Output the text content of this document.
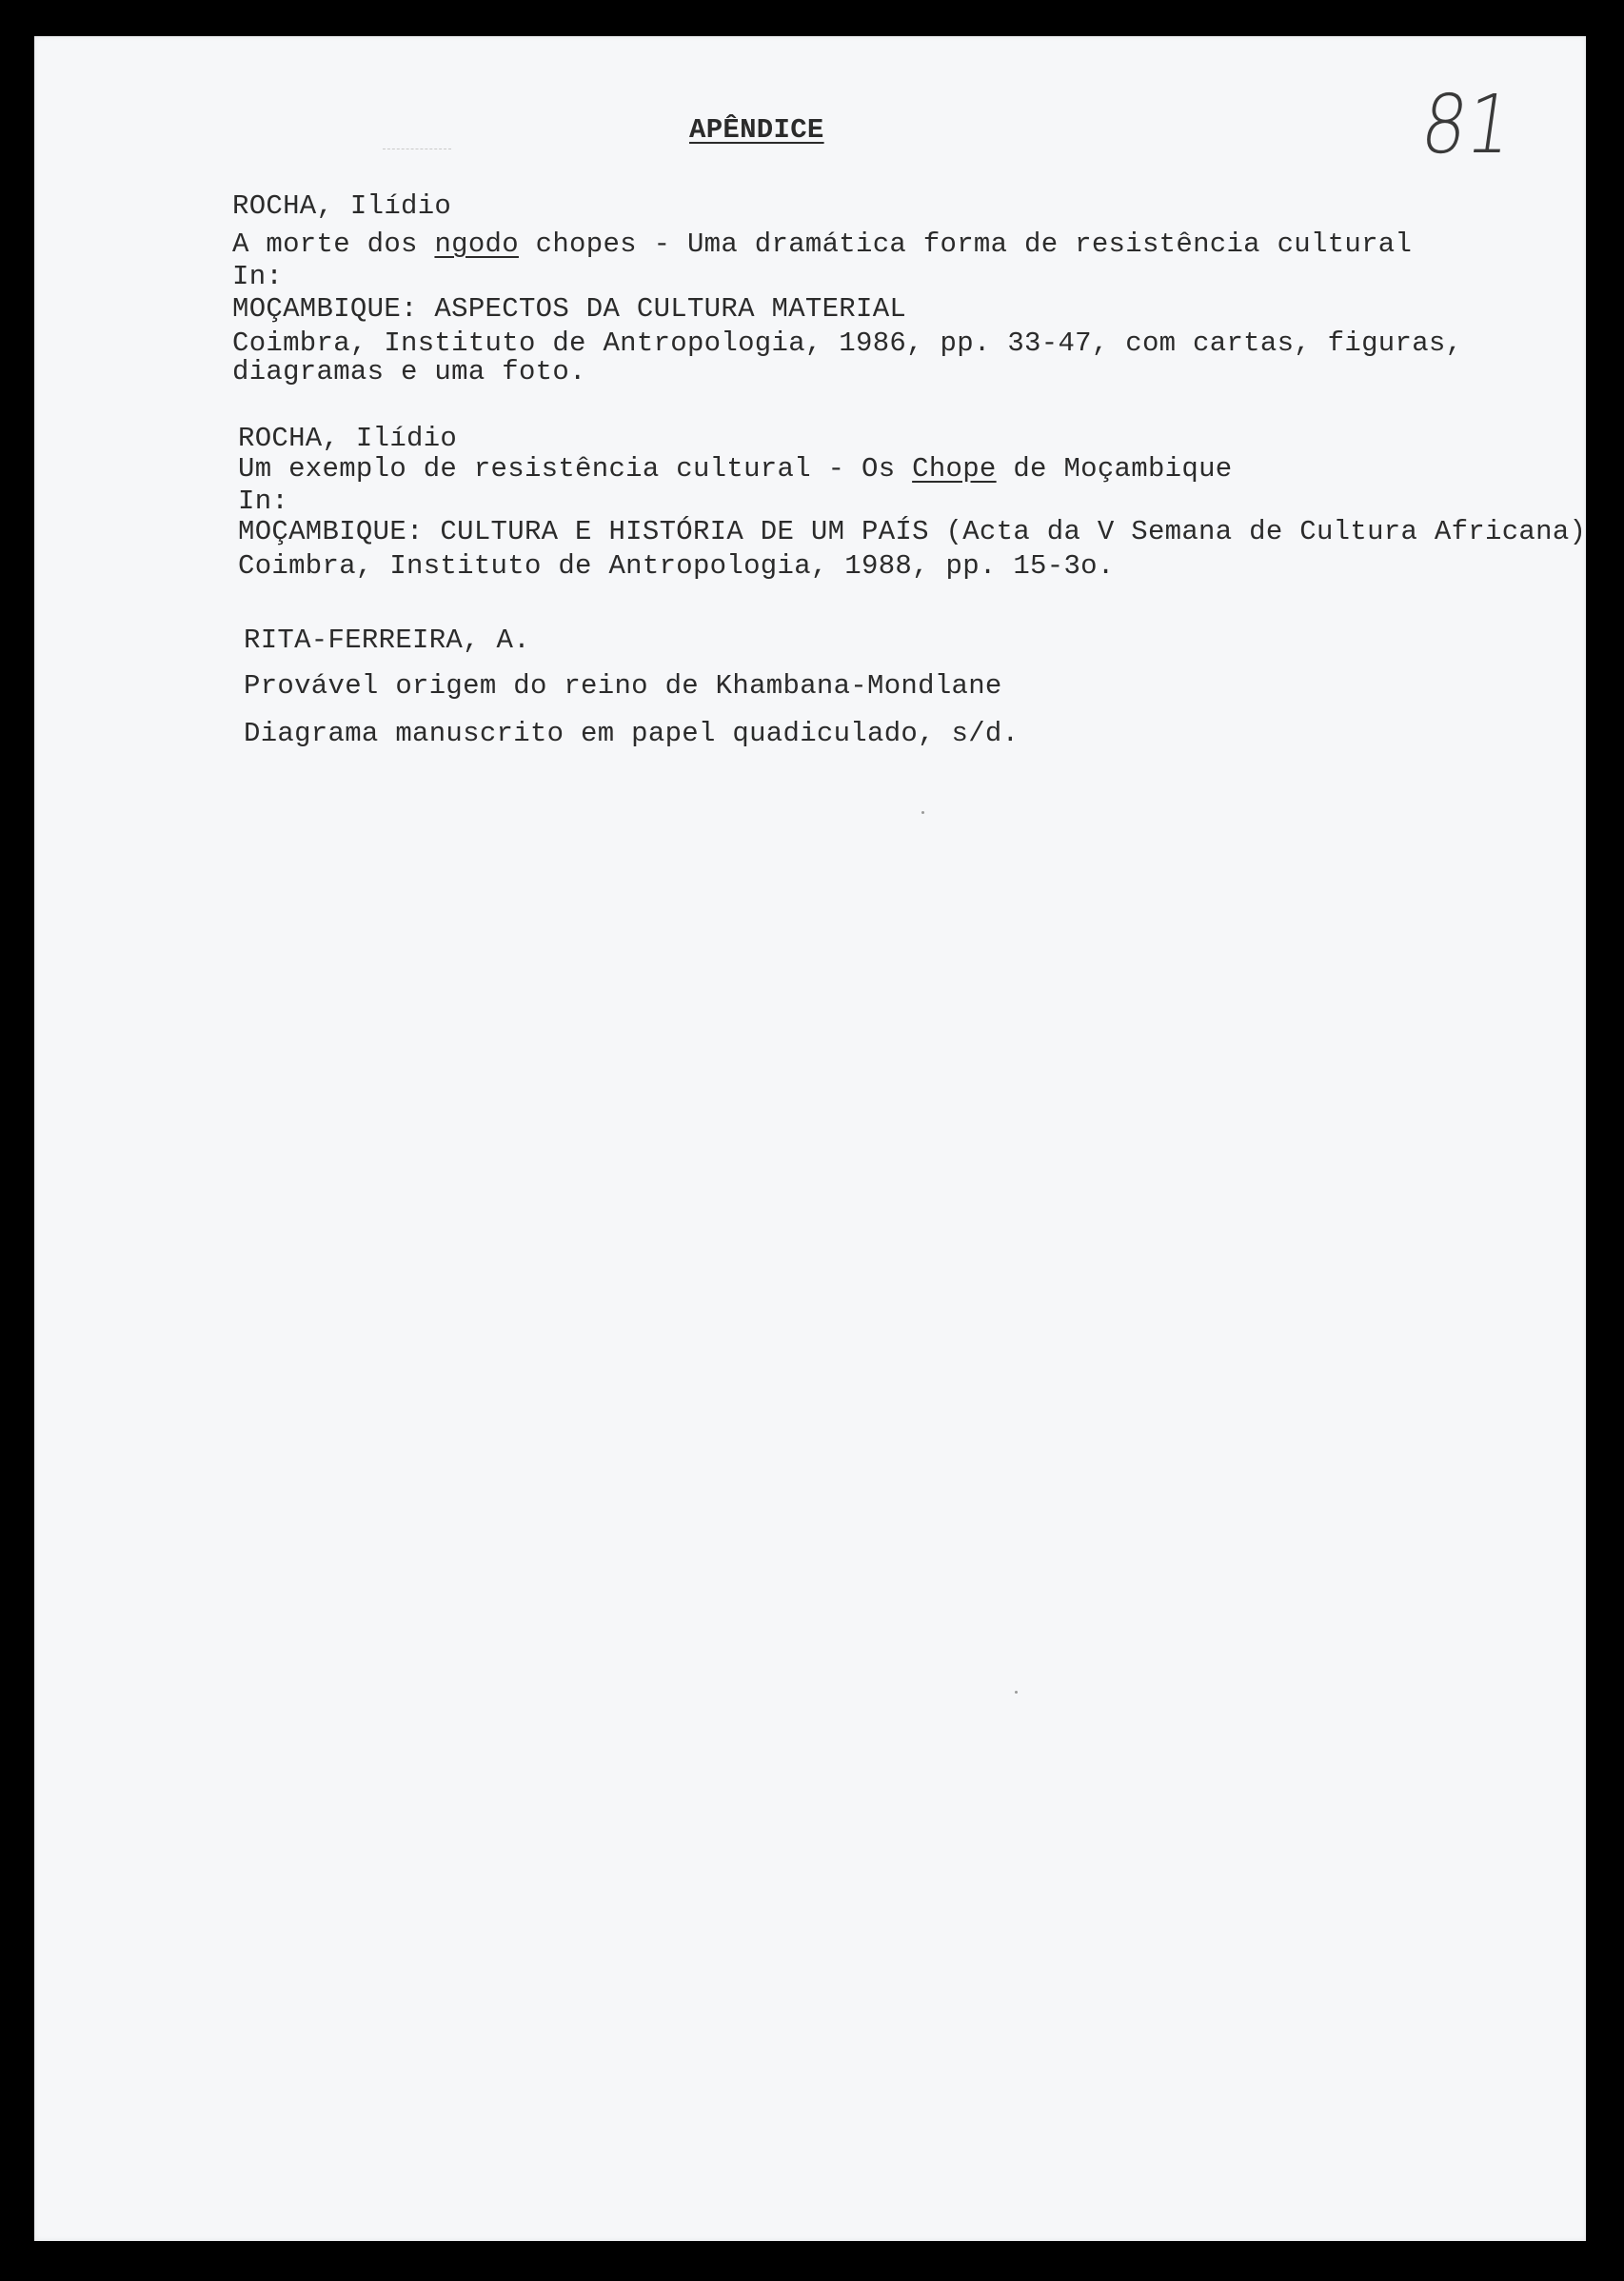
APÊNDICE	81
ROCHA, Ilídio
A morte dos ngodo chopes - Uma dramática forma de resistência cultural
In:
MOÇAMBIQUE: ASPECTOS DA CULTURA MATERIAL
Coimbra, Instituto de Antropologia, 1986, pp. 33-47, com cartas, figuras,
diagramas e uma foto.
ROCHA, Ilídio
Um exemplo de resistência cultural - Os Chope de Moçambique
In:
MOÇAMBIQUE: CULTURA E HISTÓRIA DE UM PAÍS (Acta da V Semana de Cultura Africana)
Coimbra, Instituto de Antropologia, 1988, pp. 15-3o.
RITA-FERREIRA, A.
Provável origem do reino de Khambana-Mondlane
Diagrama manuscrito em papel quadiculado, s/d.
